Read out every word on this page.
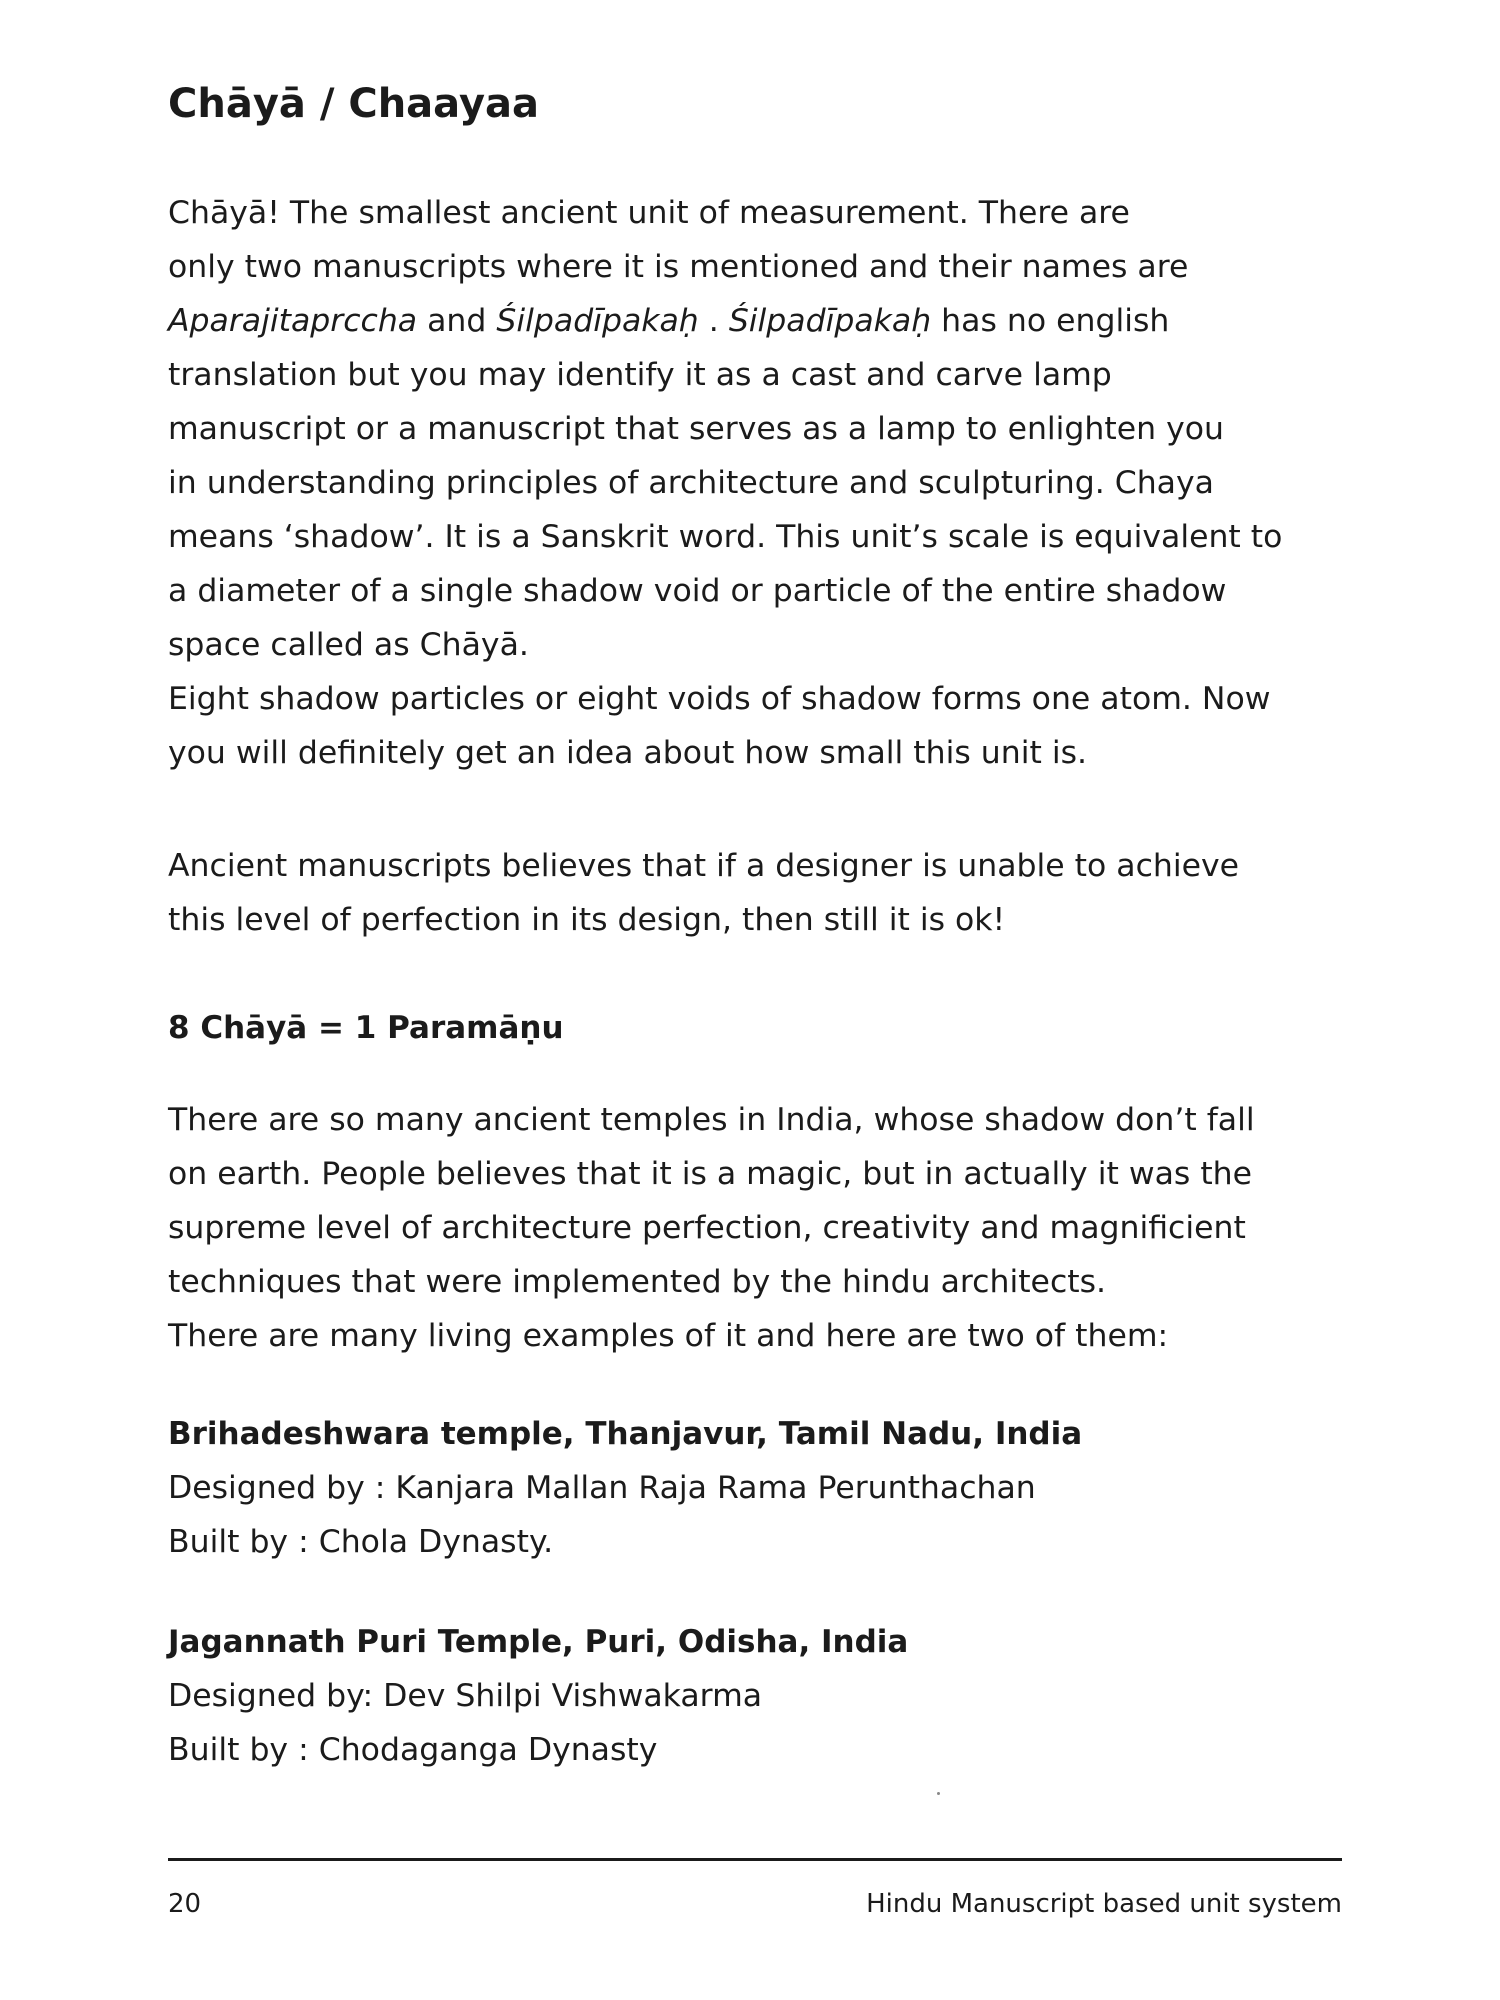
Chāyā / Chaayaa

Chāyā! The smallest ancient unit of measurement. There are
only two manuscripts where it is mentioned and their names are
Aparajitaprccha and Śilpadīpakaḥ . Śilpadīpakaḥ has no english
translation but you may identify it as a cast and carve lamp
manuscript or a manuscript that serves as a lamp to enlighten you
in understanding principles of architecture and sculpturing. Chaya
means ‘shadow’. It is a Sanskrit word. This unit’s scale is equivalent to
a diameter of a single shadow void or particle of the entire shadow
space called as Chāyā.
Eight shadow particles or eight voids of shadow forms one atom. Now
you will definitely get an idea about how small this unit is.

Ancient manuscripts believes that if a designer is unable to achieve
this level of perfection in its design, then still it is ok!

8 Chāyā = 1 Paramāṇu

There are so many ancient temples in India, whose shadow don’t fall
on earth. People believes that it is a magic, but in actually it was the
supreme level of architecture perfection, creativity and magnificient
techniques that were implemented by the hindu architects.
There are many living examples of it and here are two of them:

Brihadeshwara temple, Thanjavur, Tamil Nadu, India
Designed by : Kanjara Mallan Raja Rama Perunthachan
Built by : Chola Dynasty.
Jagannath Puri Temple, Puri, Odisha, India
Designed by: Dev Shilpi Vishwakarma
Built by : Chodaganga Dynasty
20	Hindu Manuscript based unit system
